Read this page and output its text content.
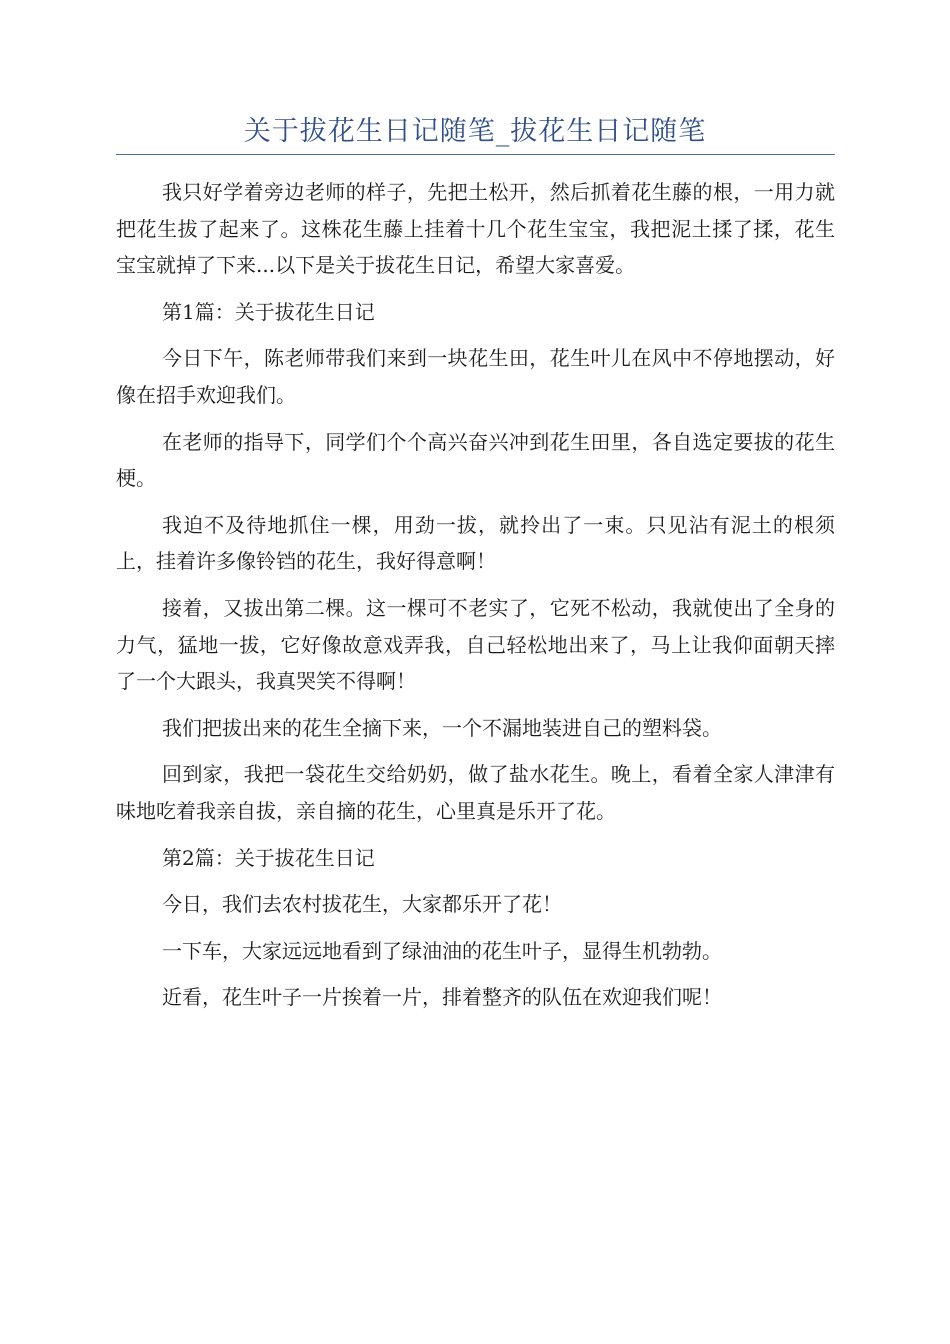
关于拔花生日记随笔_拔花生日记随笔

我只好学着旁边老师的样子，先把土松开，然后抓着花生藤的根，一用力就把花生拔了起来了。这株花生藤上挂着十几个花生宝宝，我把泥土揉了揉，花生宝宝就掉了下来...以下是关于拔花生日记，希望大家喜爱。

第1篇：关于拔花生日记

今日下午，陈老师带我们来到一块花生田，花生叶儿在风中不停地摆动，好像在招手欢迎我们。

在老师的指导下，同学们个个高兴奋兴冲到花生田里，各自选定要拔的花生梗。

我迫不及待地抓住一棵，用劲一拔，就拎出了一束。只见沾有泥土的根须上，挂着许多像铃铛的花生，我好得意啊！

接着，又拔出第二棵。这一棵可不老实了，它死不松动，我就使出了全身的力气，猛地一拔，它好像故意戏弄我，自己轻松地出来了，马上让我仰面朝天摔了一个大跟头，我真哭笑不得啊！

我们把拔出来的花生全摘下来，一个不漏地装进自己的塑料袋。

回到家，我把一袋花生交给奶奶，做了盐水花生。晚上，看着全家人津津有味地吃着我亲自拔，亲自摘的花生，心里真是乐开了花。

第2篇：关于拔花生日记

今日，我们去农村拔花生，大家都乐开了花！

一下车，大家远远地看到了绿油油的花生叶子，显得生机勃勃。

近看，花生叶子一片挨着一片，排着整齐的队伍在欢迎我们呢！
